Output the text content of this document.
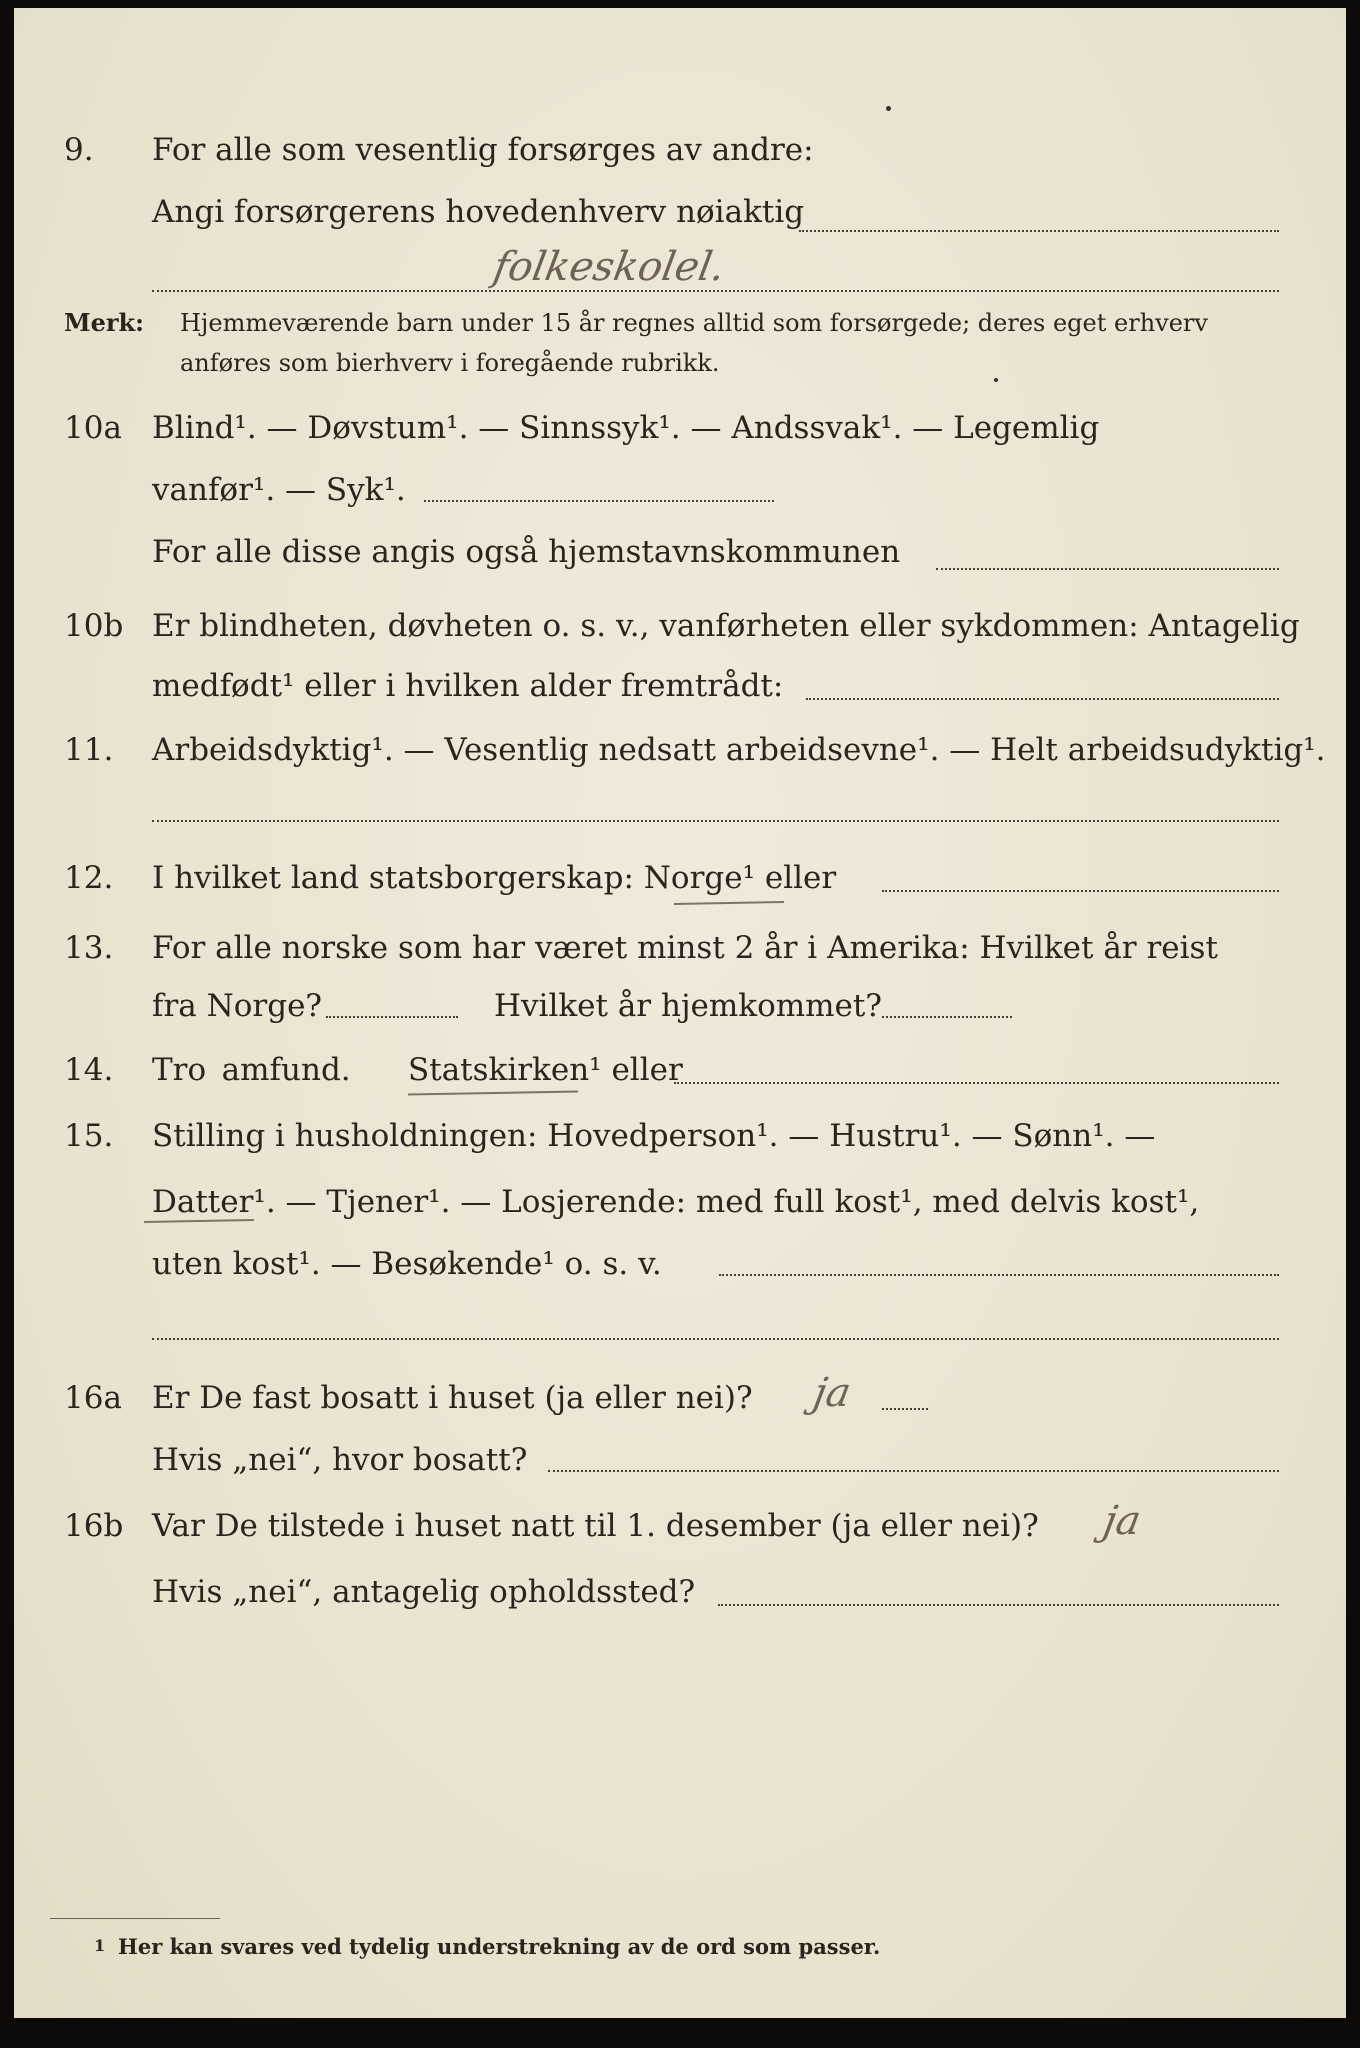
9. For alle som vesentlig forsørges av andre:
Angi forsørgerens hovedenhverv nøiaktig
folkeskolel.
Merk: Hjemmeværende barn under 15 år regnes alltid som forsørgede; deres eget erhverv
anføres som bierhverv i foregående rubrikk.
10a Blind¹. — Døvstum¹. — Sinnssyk¹. — Andssvak¹. — Legemlig
vanfør¹. — Syk¹.
For alle disse angis også hjemstavnskommunen
10b Er blindheten, døvheten o. s. v., vanførheten eller sykdommen: Antagelig
medfødt¹ eller i hvilken alder fremtrådt:
11. Arbeidsdyktig¹. — Vesentlig nedsatt arbeidsevne¹. — Helt arbeidsudyktig¹.
12. I hvilket land statsborgerskap: Norge¹ eller
13. For alle norske som har været minst 2 år i Amerika: Hvilket år reist
fra Norge?	Hvilket år hjemkommet?
14. Tro amfund. Statskirken¹ eller
15. Stilling i husholdningen: Hovedperson¹. — Hustru¹. — Sønn¹. —
Datter¹. — Tjener¹. — Losjerende: med full kost¹, med delvis kost¹,
uten kost¹. — Besøkende¹ o. s. v.
16a Er De fast bosatt i huset (ja eller nei)? ja
Hvis „nei“, hvor bosatt?
16b Var De tilstede i huset natt til 1. desember (ja eller nei)? ja
Hvis „nei“, antagelig opholdssted?
1 Her kan svares ved tydelig understrekning av de ord som passer.
